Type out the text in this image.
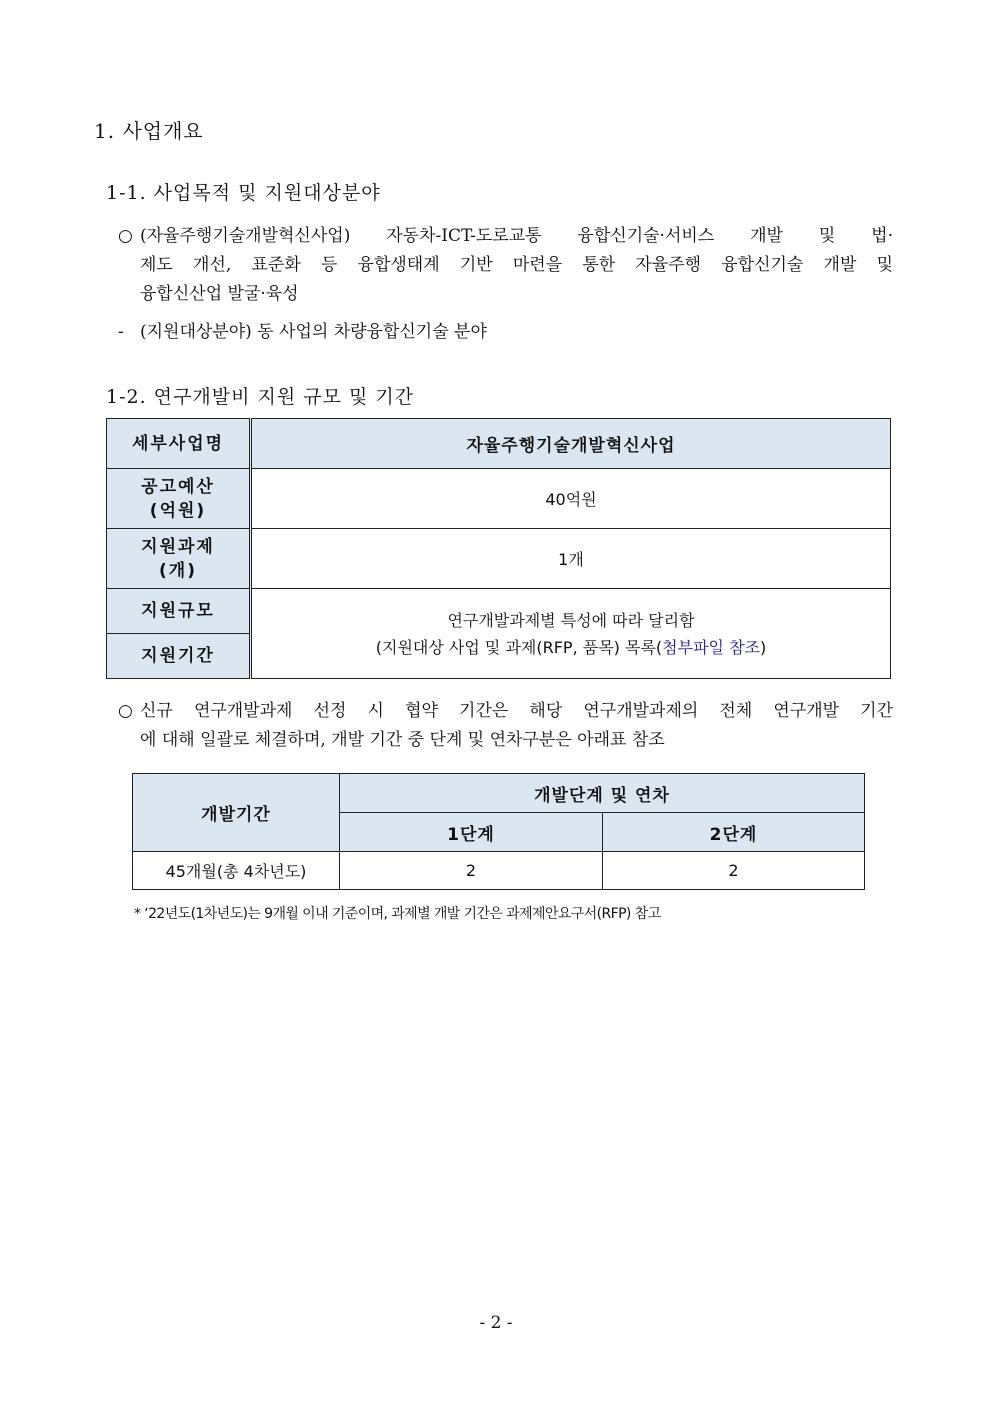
1. 사업개요
1-1. 사업목적 및 지원대상분야
○ (자율주행기술개발혁신사업) 자동차-ICT-도로교통 융합신기술·서비스 개발 및 법·
제도 개선, 표준화 등 융합생태계 기반 마련을 통한 자율주행 융합신기술 개발 및
융합신산업 발굴·육성
- (지원대상분야) 동 사업의 차량융합신기술 분야
1-2. 연구개발비 지원 규모 및 기간
세부사업명	자율주행기술개발혁신사업

공고예산
(억원)	40억원

지원과제
(개)	1개
지원규모	연구개발과제별 특성에 따라 달리함
(지원대상 사업 및 과제(RFP, 품목) 목록(첨부파일 참조)

지원기간	
○ 신규 연구개발과제 선정 시 협약 기간은 해당 연구개발과제의 전체 연구개발 기간
에 대해 일괄로 체결하며, 개발 기간 중 단계 및 연차구분은 아래표 참조
개발기간	개발단계 및 연차	
	1단계	2단계
45개월(총 4차년도)	2	2
* ‘22년도(1차년도)는 9개월 이내 기준이며, 과제별 개발 기간은 과제제안요구서(RFP) 참고
- 2 -
